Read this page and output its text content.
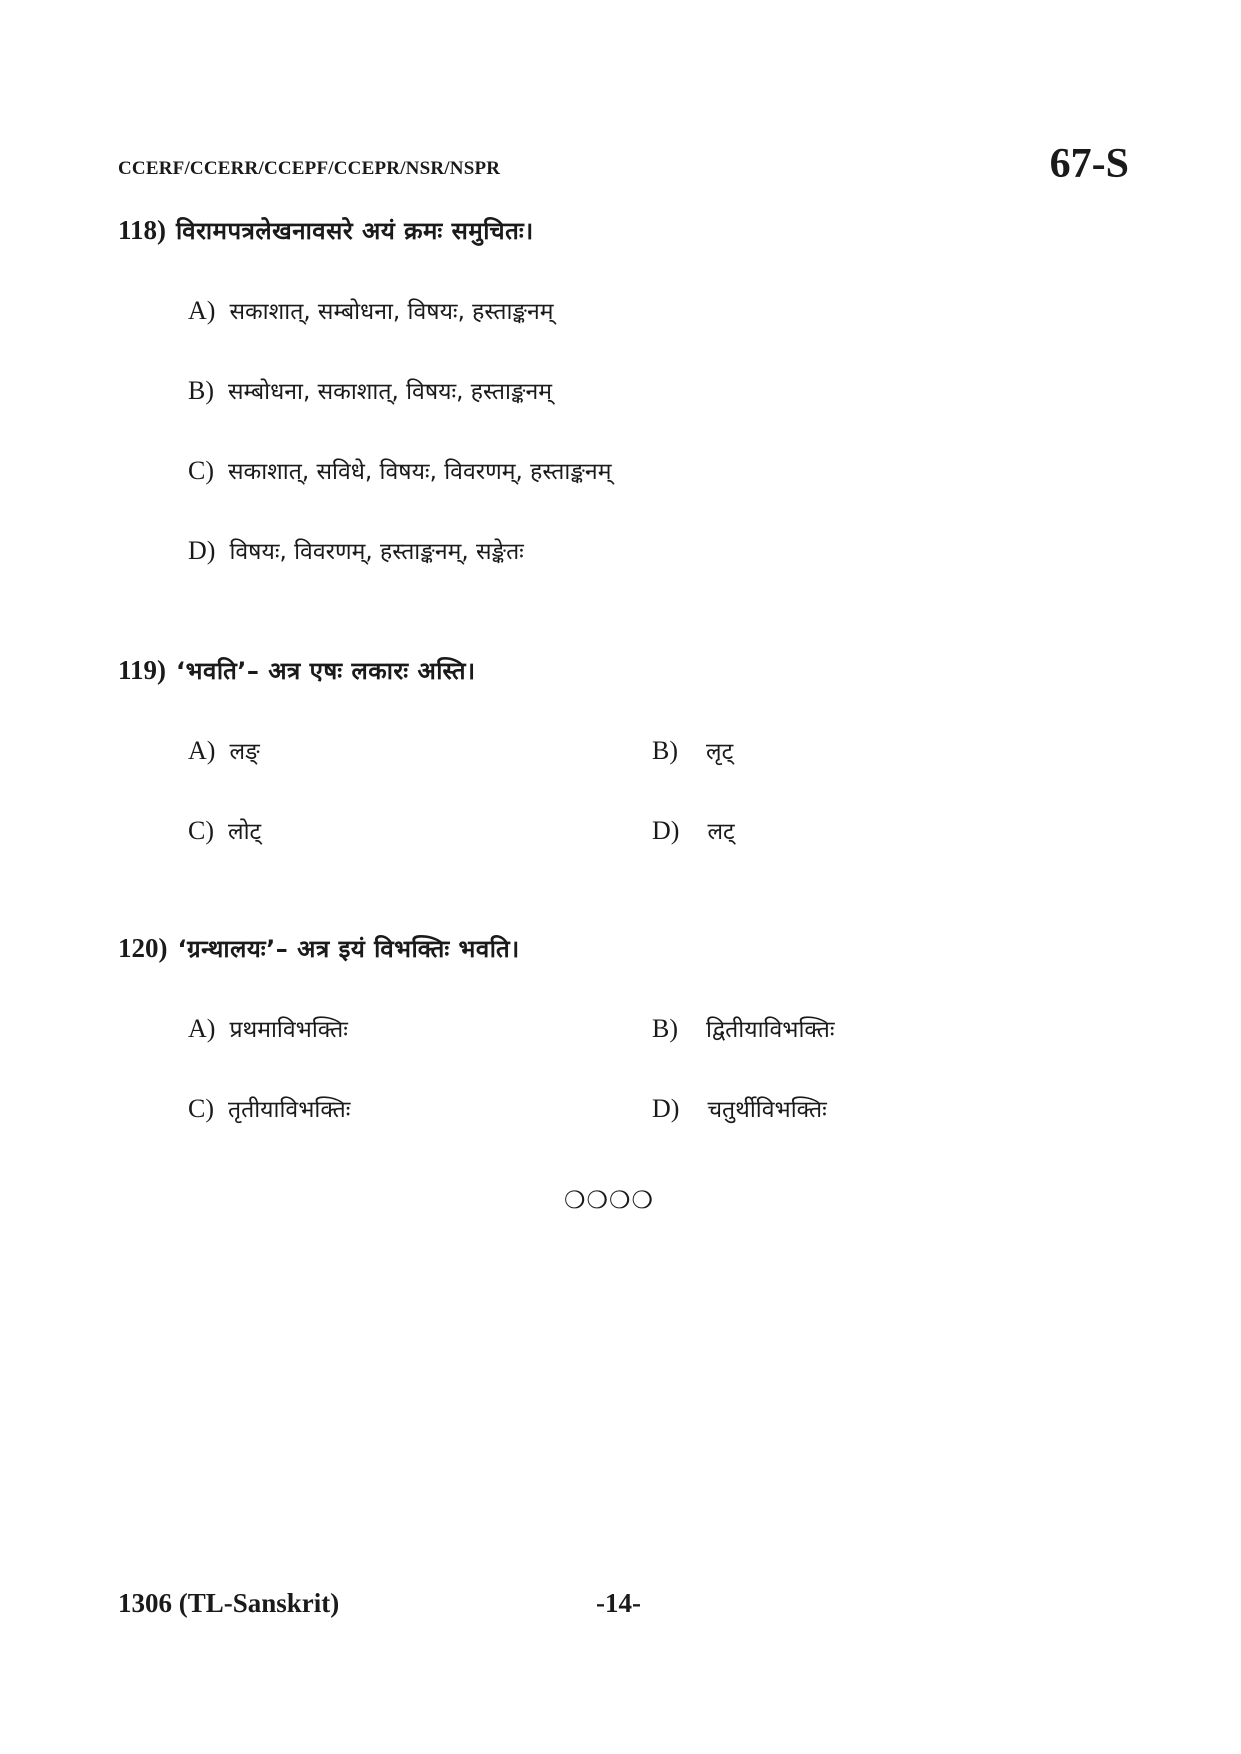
CCERF/CCERR/CCEPF/CCEPR/NSR/NSPR	67-S
118) विरामपत्रलेखनावसरे अयं क्रमः समुचितः।
A) सकाशात्, सम्बोधना, विषयः, हस्ताङ्कनम्
B) सम्बोधना, सकाशात्, विषयः, हस्ताङ्कनम्
C) सकाशात्, सविधे, विषयः, विवरणम्, हस्ताङ्कनम्
D) विषयः, विवरणम्, हस्ताङ्कनम्, सङ्केतः
119) ‘भवति’– अत्र एषः लकारः अस्ति।
A) लङ्	B) लृट्
C) लोट्	D) लट्
120) ‘ग्रन्थालयः’– अत्र इयं विभक्तिः भवति।
A) प्रथमाविभक्तिः	B) द्वितीयाविभक्तिः
C) तृतीयाविभक्तिः	D) चतुर्थीविभक्तिः
❍❍❍❍
1306 (TL-Sanskrit)	-14-
